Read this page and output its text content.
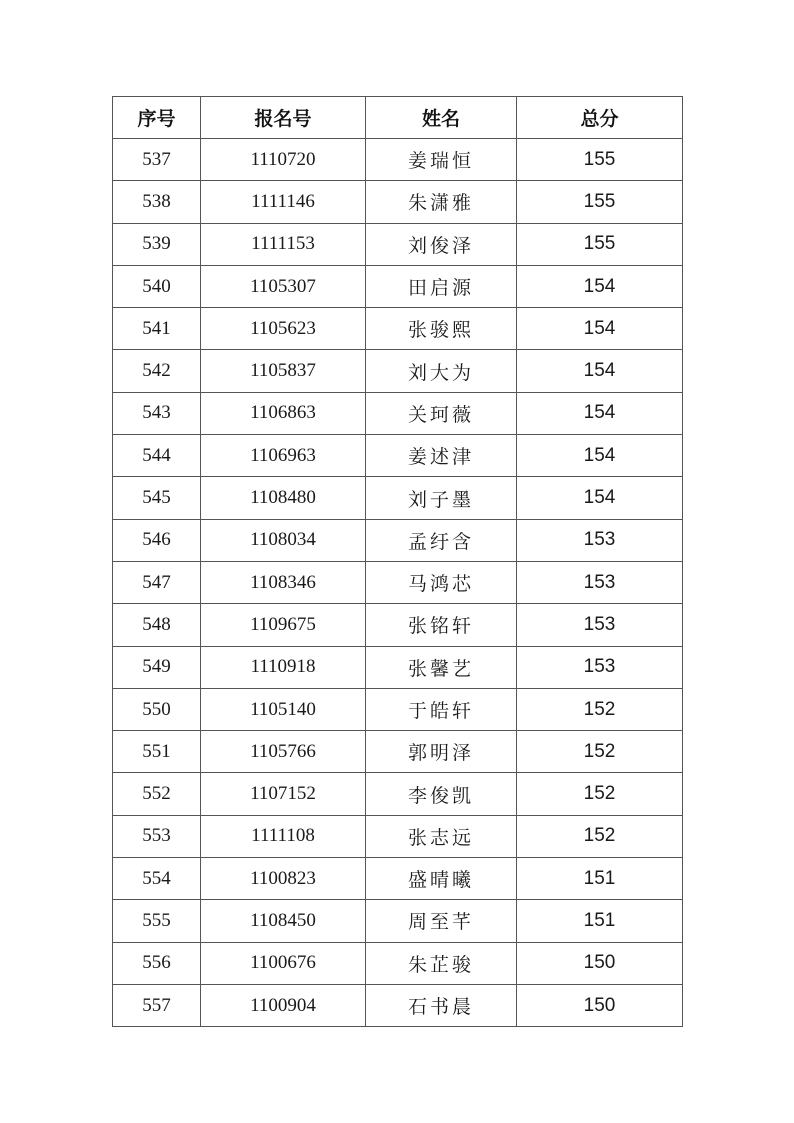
序号	报名号	姓名	总分
537	1110720	姜瑞恒	155
538	1111146	朱潇雅	155
539	1111153	刘俊泽	155
540	1105307	田启源	154
541	1105623	张骏熙	154
542	1105837	刘大为	154
543	1106863	关珂薇	154
544	1106963	姜述津	154
545	1108480	刘子墨	154
546	1108034	孟纡含	153
547	1108346	马鸿芯	153
548	1109675	张铭轩	153
549	1110918	张馨艺	153
550	1105140	于皓轩	152
551	1105766	郭明泽	152
552	1107152	李俊凯	152
553	1111108	张志远	152
554	1100823	盛晴曦	151
555	1108450	周至芊	151
556	1100676	朱芷骏	150
557	1100904	石书晨	150
